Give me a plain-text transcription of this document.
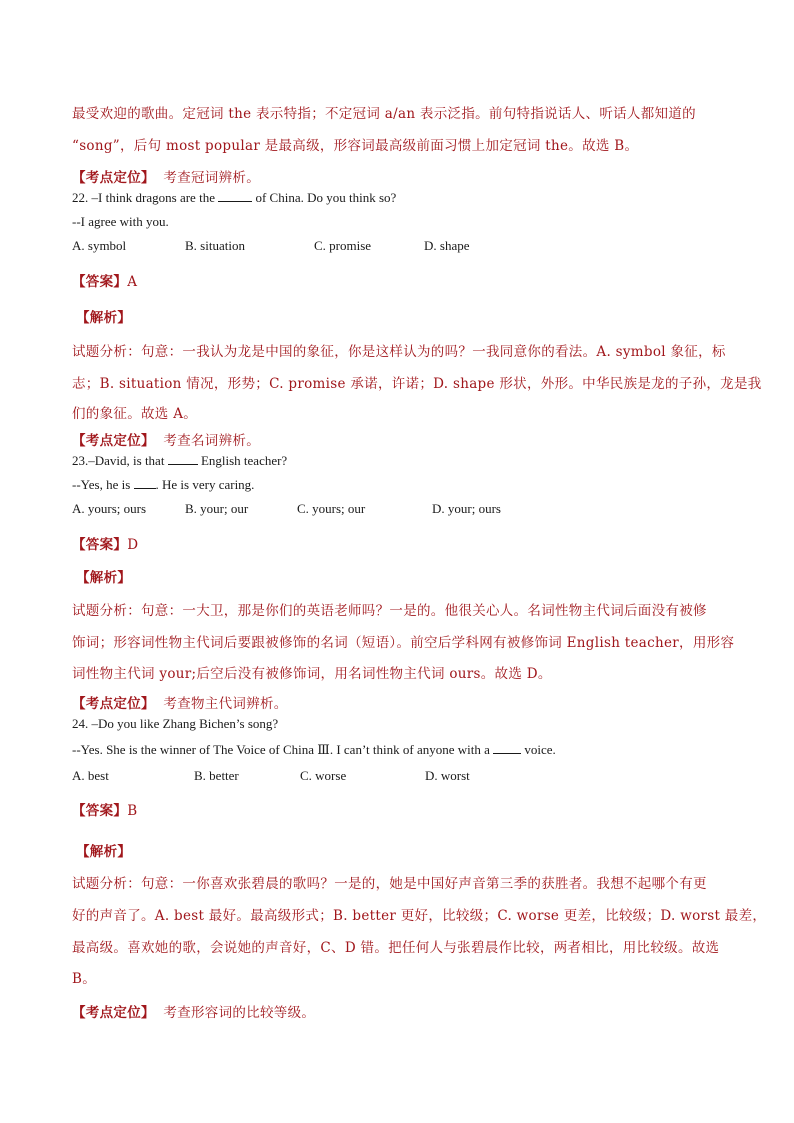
最受欢迎的歌曲。定冠词 the 表示特指；不定冠词 a/an 表示泛指。前句特指说话人、听话人都知道的
“song”，后句 most popular 是最高级，形容词最高级前面习惯上加定冠词 the。故选 B。
【考点定位】 考查冠词辨析。
22. –I think dragons are the	of China. Do you think so?
--I agree with you.
A. symbol	B. situation	C. promise	D. shape
【答案】A
【解析】
试题分析：句意：一我认为龙是中国的象征，你是这样认为的吗？一我同意你的看法。A. symbol 象征，标
志；B. situation 情况，形势；C. promise 承诺，许诺；D. shape 形状，外形。中华民族是龙的子孙，龙是我
们的象征。故选 A。
【考点定位】 考查名词辨析。
23.–David, is that	English teacher?
--Yes, he is . He is very caring.
A. yours; ours	B. your; our	C. yours; our	D. your; ours
【答案】D
【解析】
试题分析：句意：一大卫，那是你们的英语老师吗？一是的。他很关心人。名词性物主代词后面没有被修
饰词；形容词性物主代词后要跟被修饰的名词（短语）。前空后学科网有被修饰词 English teacher，用形容
词性物主代词 your;后空后没有被修饰词，用名词性物主代词 ours。故选 D。
【考点定位】 考查物主代词辨析。
24. –Do you like Zhang Bichen’s song?
--Yes. She is the winner of The Voice of China Ⅲ. I can’t think of anyone with a	voice.
A. best	B. better	C. worse	D. worst
【答案】B
【解析】
试题分析：句意：一你喜欢张碧晨的歌吗？一是的，她是中国好声音第三季的获胜者。我想不起哪个有更
好的声音了。A. best 最好。最高级形式；B. better 更好，比较级；C. worse 更差，比较级；D. worst 最差，
最高级。喜欢她的歌，会说她的声音好，C、D 错。把任何人与张碧晨作比较，两者相比，用比较级。故选
B。
【考点定位】 考查形容词的比较等级。
